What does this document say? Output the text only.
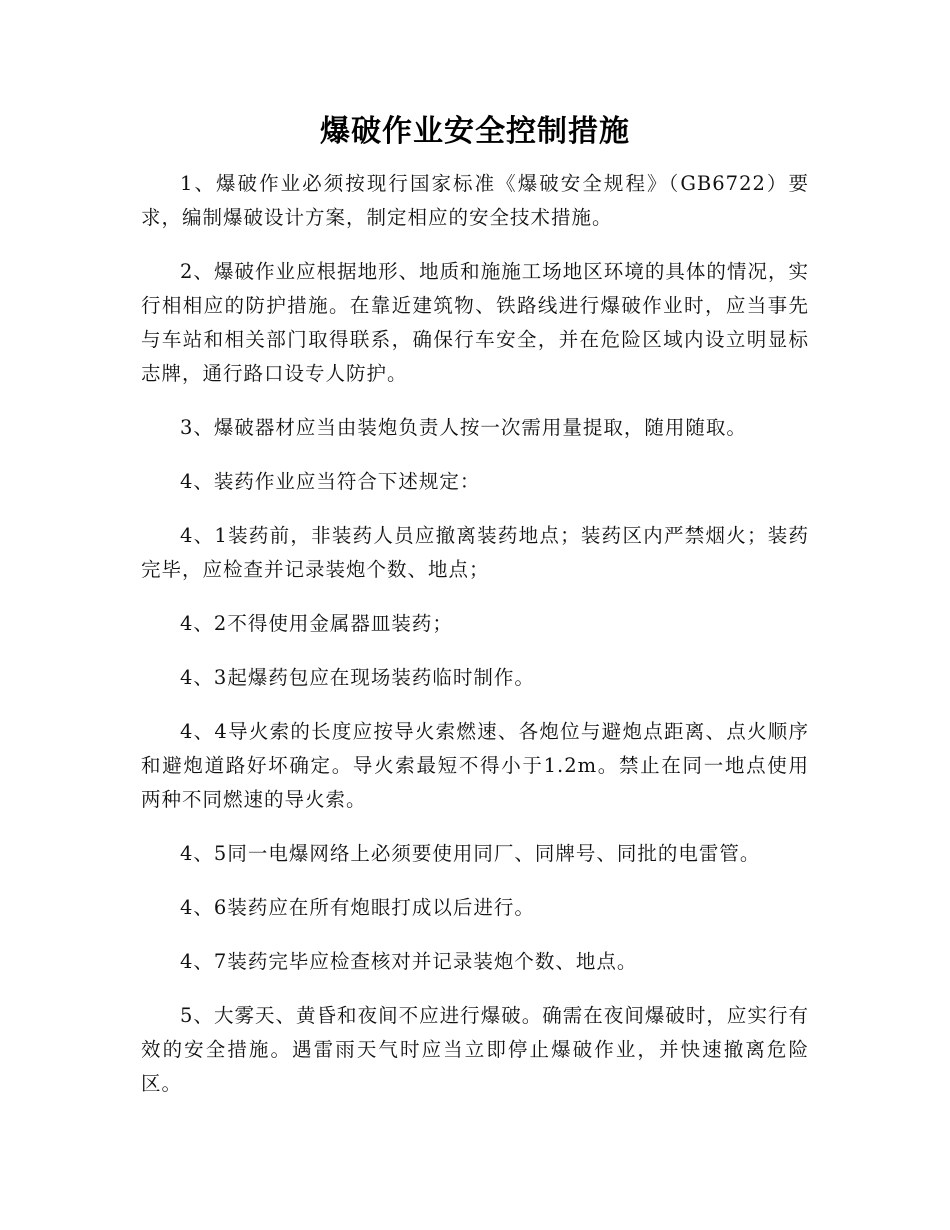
爆破作业安全控制措施

1、爆破作业必须按现行国家标准《爆破安全规程》（GB6722）要求，编制爆破设计方案，制定相应的安全技术措施。

2、爆破作业应根据地形、地质和施施工场地区环境的具体的情况，实行相相应的防护措施。在靠近建筑物、铁路线进行爆破作业时，应当事先与车站和相关部门取得联系，确保行车安全，并在危险区域内设立明显标志牌，通行路口设专人防护。

3、爆破器材应当由装炮负责人按一次需用量提取，随用随取。

4、装药作业应当符合下述规定：

4、1装药前，非装药人员应撤离装药地点；装药区内严禁烟火；装药完毕，应检查并记录装炮个数、地点；

4、2不得使用金属器皿装药；

4、3起爆药包应在现场装药临时制作。

4、4导火索的长度应按导火索燃速、各炮位与避炮点距离、点火顺序和避炮道路好坏确定。导火索最短不得小于1.2m。禁止在同一地点使用两种不同燃速的导火索。

4、5同一电爆网络上必须要使用同厂、同牌号、同批的电雷管。

4、6装药应在所有炮眼打成以后进行。

4、7装药完毕应检查核对并记录装炮个数、地点。

5、大雾天、黄昏和夜间不应进行爆破。确需在夜间爆破时，应实行有效的安全措施。遇雷雨天气时应当立即停止爆破作业，并快速撤离危险区。
